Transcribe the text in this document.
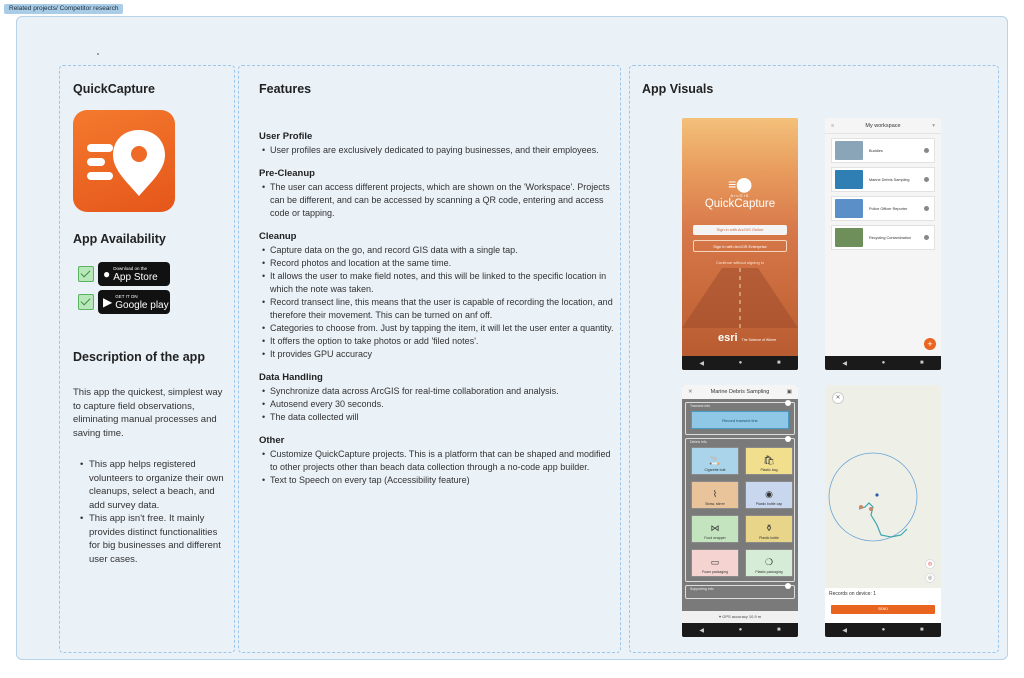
Related projects/ Competitor research
QuickCapture
App Availability
● Download on the
App Store
▶ GET IT ON
Google play
Description of the app

This app the quickest, simplest way to capture field observations, eliminating manual processes and saving time.

• This app helps registered volunteers to organize their own cleanups, select a beach, and add survey data.
• This app isn't free. It mainly provides distinct functionalities for big businesses and different user cases.
Features
User Profile
• User profiles are exclusively dedicated to paying businesses, and their employees.
Pre-Cleanup
• The user can access different projects, which are shown on the 'Workspace'. Projects can be different, and can be accessed by scanning a QR code, entering and access code or tapping.
Cleanup
• Capture data on the go, and record GIS data with a single tap.
• Record photos and location at the same time.
• It allows the user to make field notes, and this will be linked to the specific location in which the note was taken.
• Record transect line, this means that the user is capable of recording the location, and therefore their movement. This can be turned on anf off.
• Categories to choose from. Just by tapping the item, it will let the user enter a quantity.
• It offers the option to take photos or add 'filed notes'.
• It provides GPU accuracy
Data Handling
• Synchronize data across ArcGIS for real-time collaboration and analysis.
• Autosend every 30 seconds.
• The data collected will
Other
• Customize QuickCapture projects. This is a platform that can be shaped and modified to other projects other than beach data collection through a no-code app builder.
• Text to Speech on every tap (Accessibility feature)
App Visuals
≡⬤
ArcGIS
QuickCapture
Sign in with ArcGIS Online
Sign in with ArcGIS Enterprise
Continue without signing in
esri The Science of Where
◀	●	■
≡	My workspace	▾
Buddies
Marine Debris Sampling
Police Officer Reporter
Recycling Contamination
+
◀	●	■
✕	Marine Debris Sampling	▣
Transect info
Record transect line
Debris info
🚬
Cigarette butt
🛍
Plastic bag
⌇
Straw, stirrer
◉
Plastic bottle cap
⋈
Food wrapper
⚱
Plastic bottle
▭
Foam packaging
❍
Plastic packaging
Supporting info
⌖ GPS accuracy 10.9 m
◀	●	■
✕
◍
◎
Records on device: 1
SEND
◀	●	■
